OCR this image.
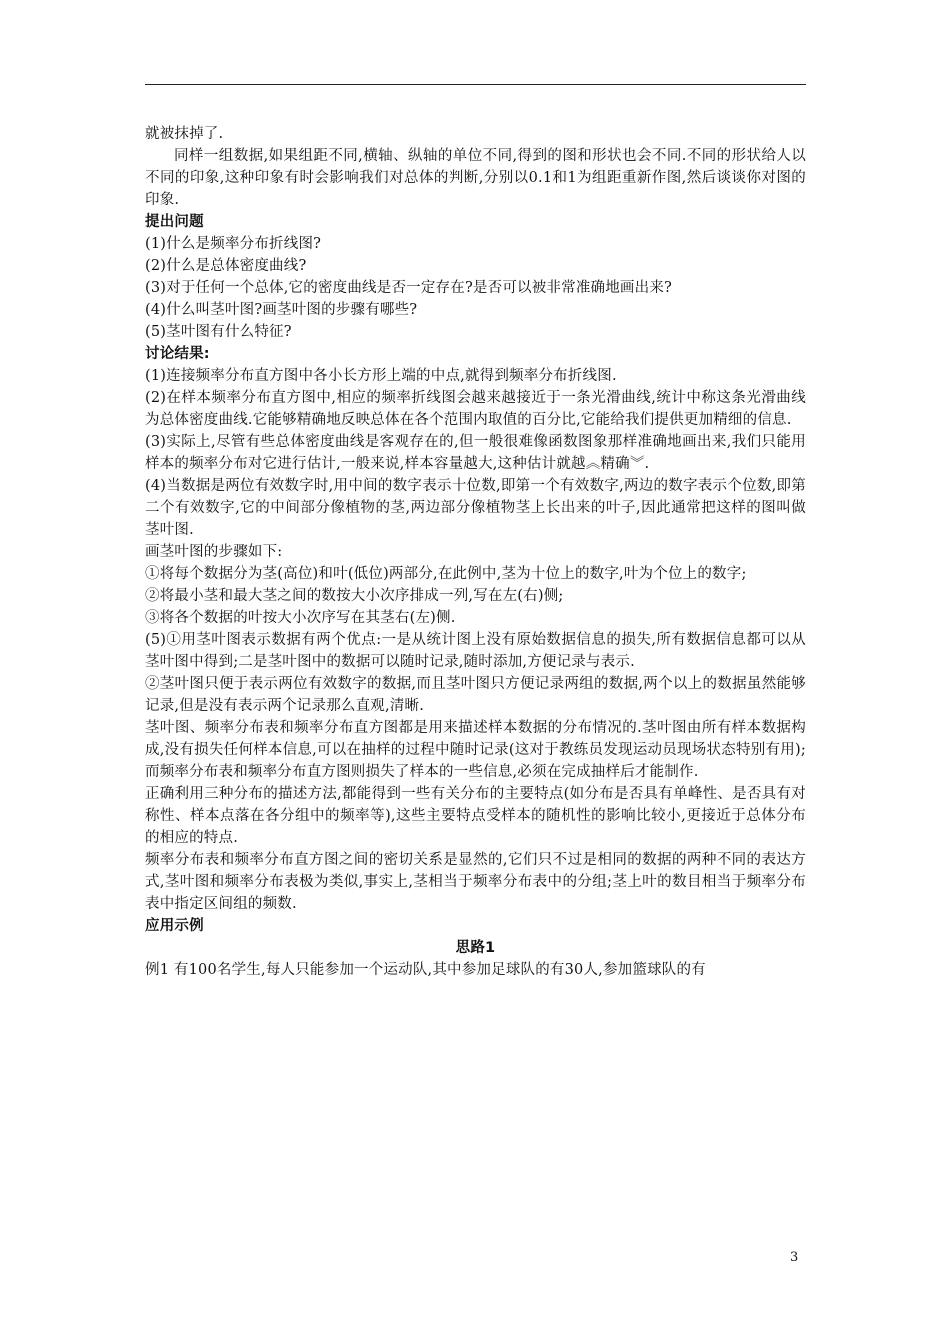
就被抹掉了.

同样一组数据,如果组距不同,横轴、纵轴的单位不同,得到的图和形状也会不同.不同的形状给人以不同的印象,这种印象有时会影响我们对总体的判断,分别以0.1和1为组距重新作图,然后谈谈你对图的印象.

提出问题

(1)什么是频率分布折线图?

(2)什么是总体密度曲线?

(3)对于任何一个总体,它的密度曲线是否一定存在?是否可以被非常准确地画出来?

(4)什么叫茎叶图?画茎叶图的步骤有哪些?

(5)茎叶图有什么特征?

讨论结果:

(1)连接频率分布直方图中各小长方形上端的中点,就得到频率分布折线图.

(2)在样本频率分布直方图中,相应的频率折线图会越来越接近于一条光滑曲线,统计中称这条光滑曲线为总体密度曲线.它能够精确地反映总体在各个范围内取值的百分比,它能给我们提供更加精细的信息.

(3)实际上,尽管有些总体密度曲线是客观存在的,但一般很难像函数图象那样准确地画出来,我们只能用样本的频率分布对它进行估计,一般来说,样本容量越大,这种估计就越︽精确︾.

(4)当数据是两位有效数字时,用中间的数字表示十位数,即第一个有效数字,两边的数字表示个位数,即第二个有效数字,它的中间部分像植物的茎,两边部分像植物茎上长出来的叶子,因此通常把这样的图叫做茎叶图.

画茎叶图的步骤如下:

①将每个数据分为茎(高位)和叶(低位)两部分,在此例中,茎为十位上的数字,叶为个位上的数字;

②将最小茎和最大茎之间的数按大小次序排成一列,写在左(右)侧;

③将各个数据的叶按大小次序写在其茎右(左)侧.

(5)①用茎叶图表示数据有两个优点:一是从统计图上没有原始数据信息的损失,所有数据信息都可以从茎叶图中得到;二是茎叶图中的数据可以随时记录,随时添加,方便记录与表示.

②茎叶图只便于表示两位有效数字的数据,而且茎叶图只方便记录两组的数据,两个以上的数据虽然能够记录,但是没有表示两个记录那么直观,清晰.

茎叶图、频率分布表和频率分布直方图都是用来描述样本数据的分布情况的.茎叶图由所有样本数据构成,没有损失任何样本信息,可以在抽样的过程中随时记录(这对于教练员发现运动员现场状态特别有用);而频率分布表和频率分布直方图则损失了样本的一些信息,必须在完成抽样后才能制作.

正确利用三种分布的描述方法,都能得到一些有关分布的主要特点(如分布是否具有单峰性、是否具有对称性、样本点落在各分组中的频率等),这些主要特点受样本的随机性的影响比较小,更接近于总体分布的相应的特点.

频率分布表和频率分布直方图之间的密切关系是显然的,它们只不过是相同的数据的两种不同的表达方式,茎叶图和频率分布表极为类似,事实上,茎相当于频率分布表中的分组;茎上叶的数目相当于频率分布表中指定区间组的频数.

应用示例

思路1

例1 有100名学生,每人只能参加一个运动队,其中参加足球队的有30人,参加篮球队的有

3
